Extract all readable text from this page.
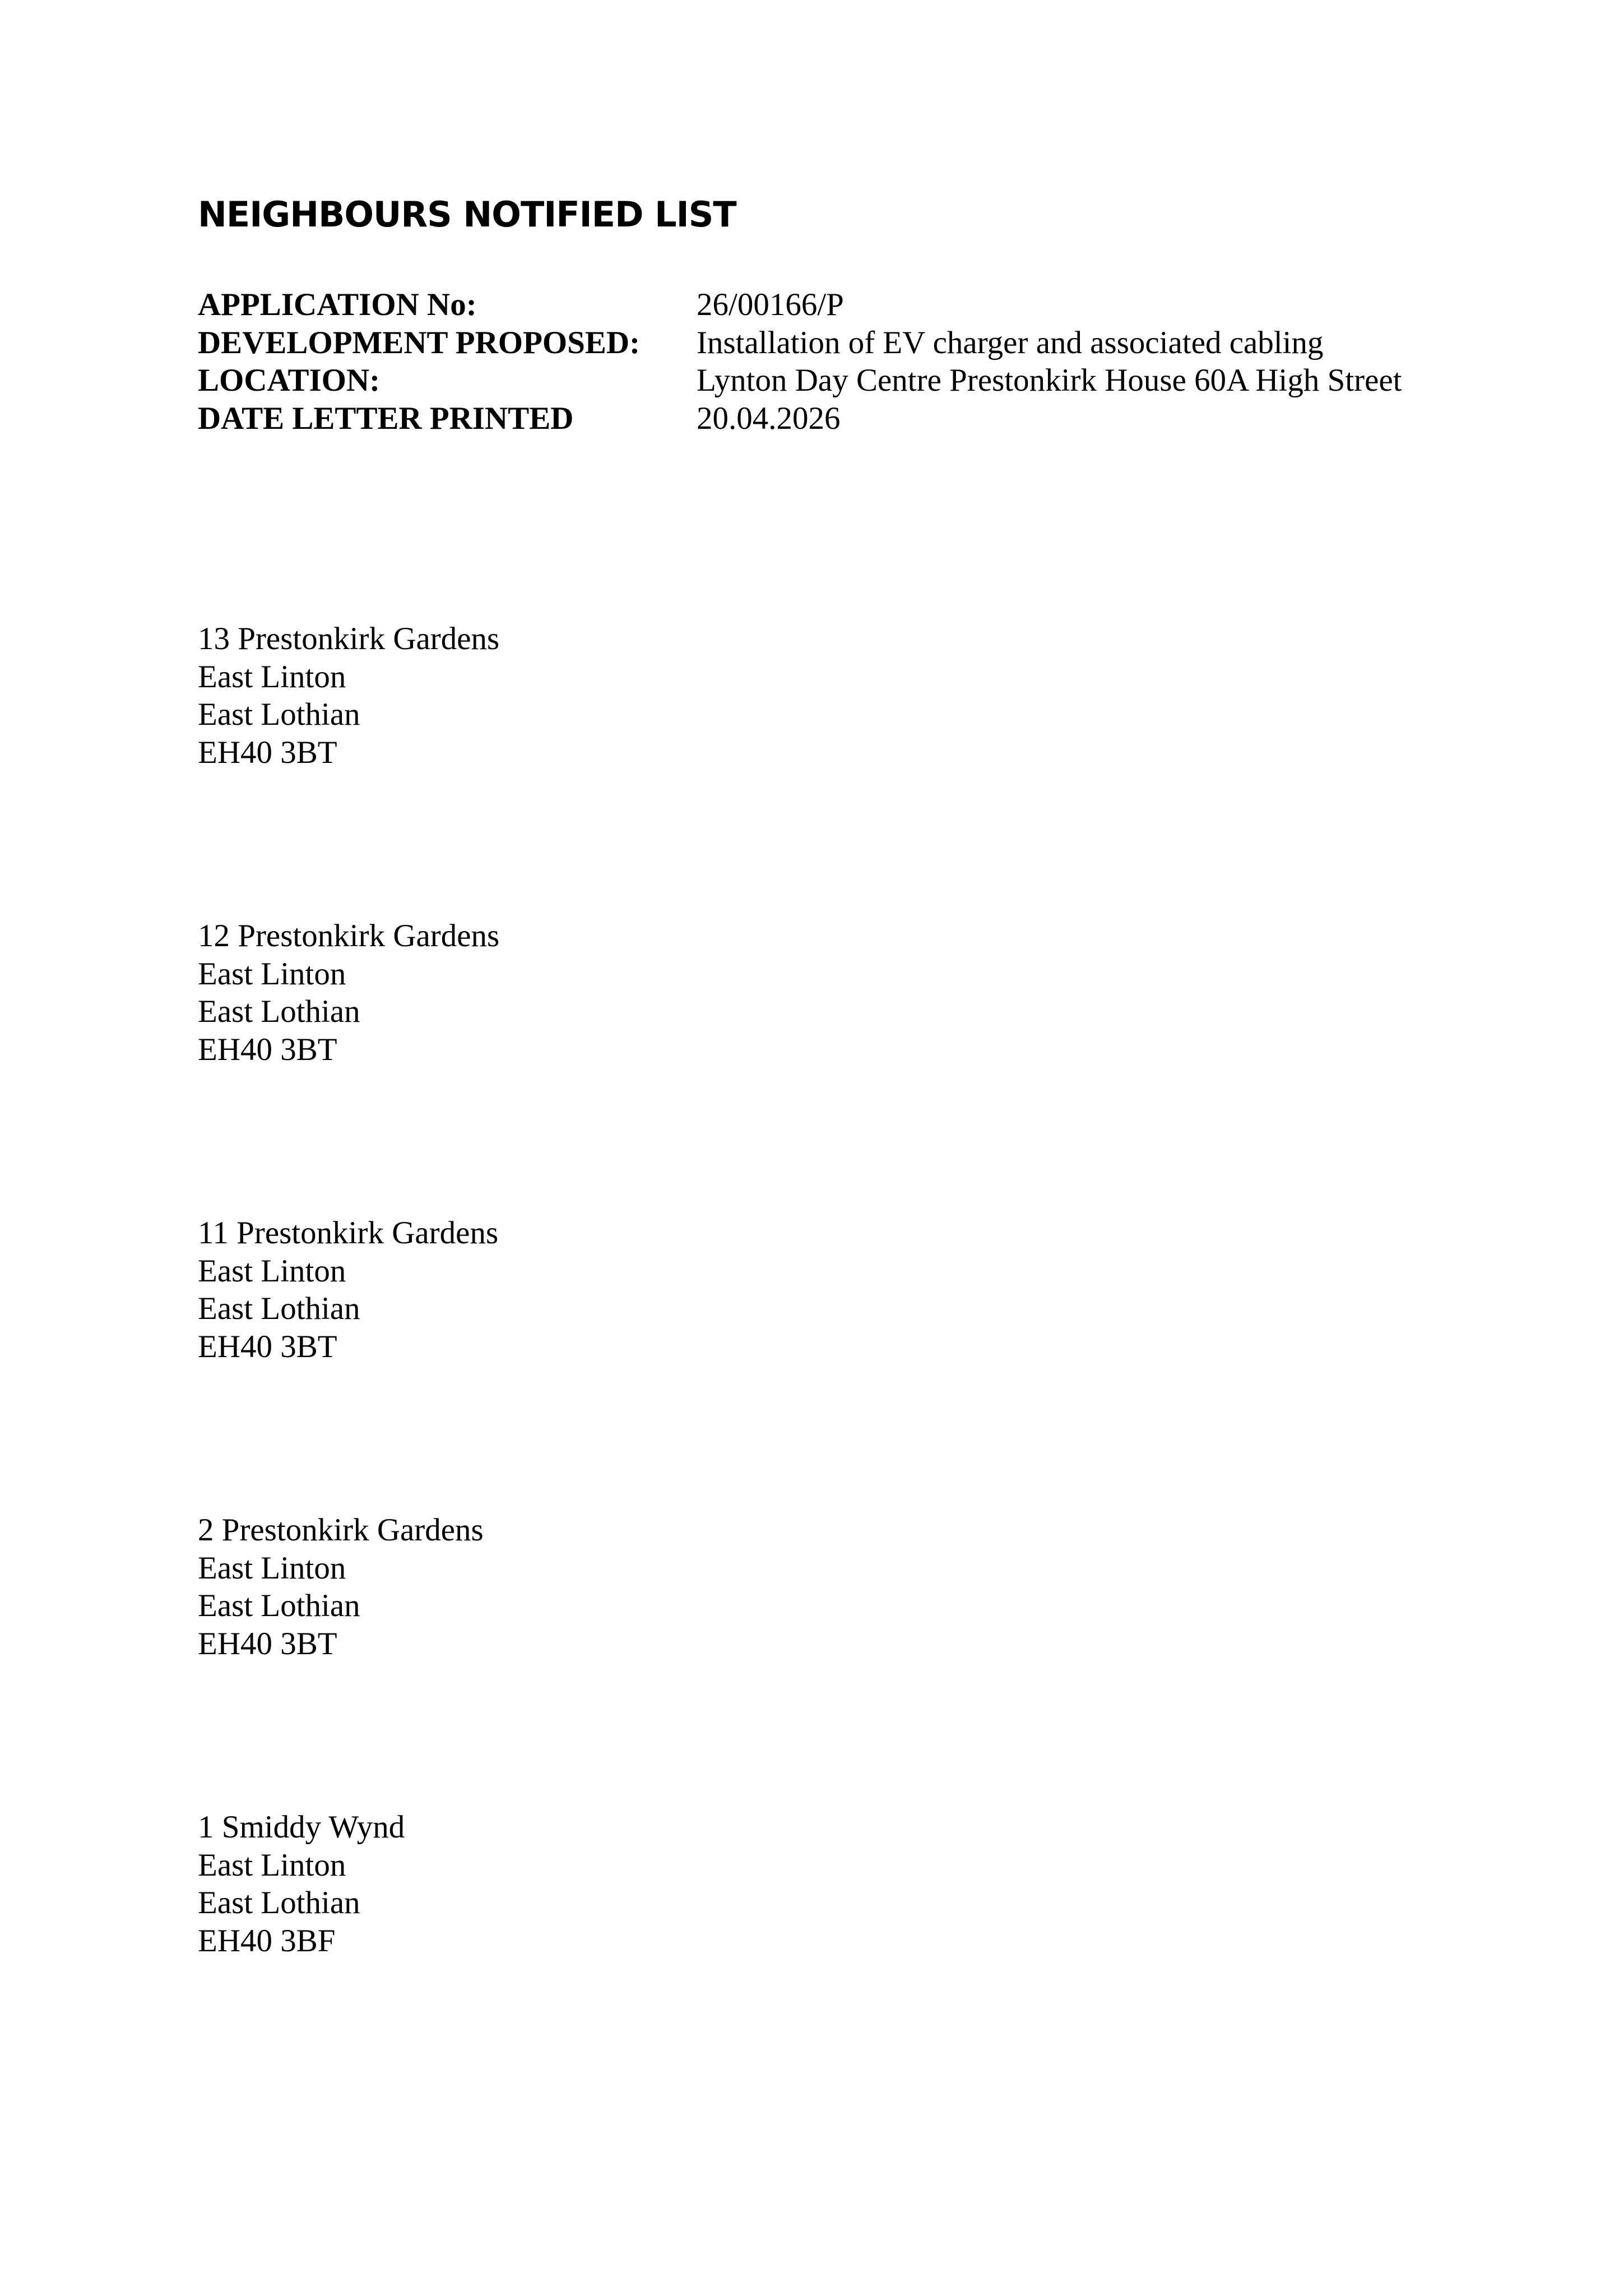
NEIGHBOURS NOTIFIED LIST
APPLICATION No:	26/00166/P
DEVELOPMENT PROPOSED:	Installation of EV charger and associated cabling
LOCATION:	Lynton Day Centre Prestonkirk House 60A High Street
DATE LETTER PRINTED	20.04.2026
13 Prestonkirk Gardens
East Linton
East Lothian
EH40 3BT
12 Prestonkirk Gardens
East Linton
East Lothian
EH40 3BT
11 Prestonkirk Gardens
East Linton
East Lothian
EH40 3BT
2 Prestonkirk Gardens
East Linton
East Lothian
EH40 3BT
1 Smiddy Wynd
East Linton
East Lothian
EH40 3BF
